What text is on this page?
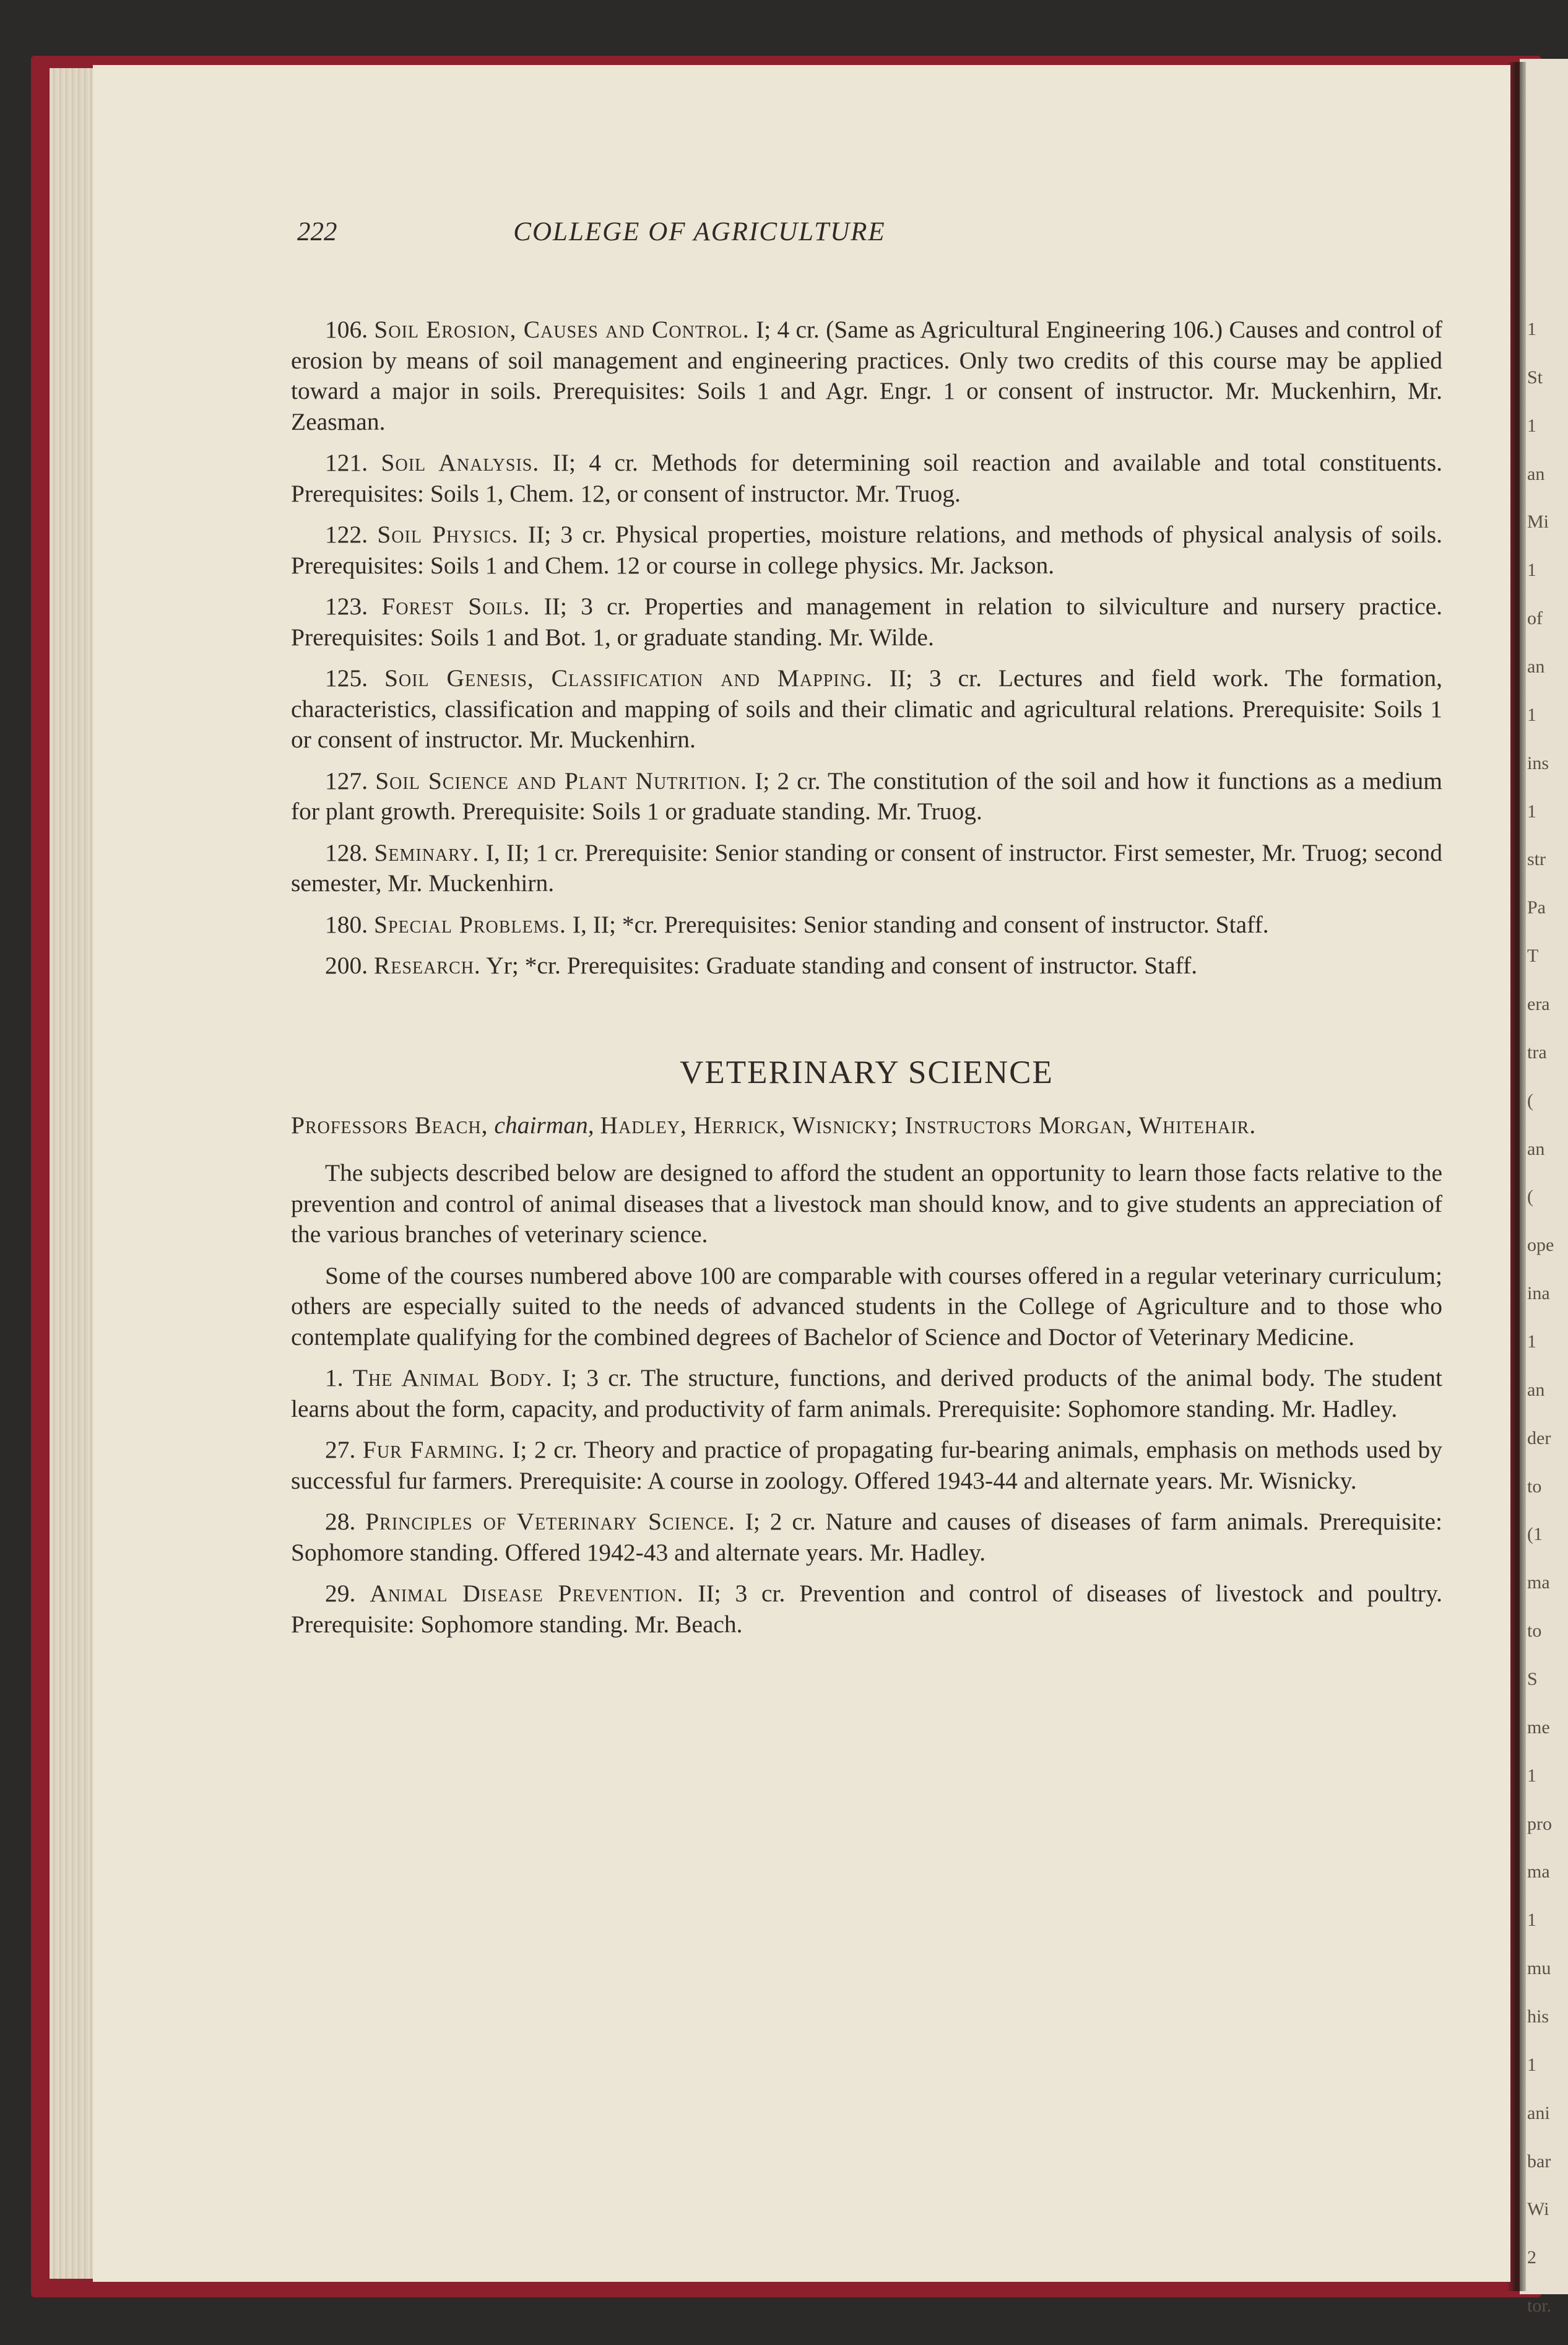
1
St
1
an
Mi
1
of
an
1
ins
1
str
Pa
T
era
tra
(
an
(
ope
ina
1
an
der
to
(1
ma
to
S
me
1
pro
ma
1
mu
his
1
ani
bar
Wi
2
tor.
222	COLLEGE OF AGRICULTURE

106. Soil Erosion, Causes and Control. I; 4 cr. (Same as Agricultural Engineering 106.) Causes and control of erosion by means of soil management and engineering practices. Only two credits of this course may be applied toward a major in soils. Prerequisites: Soils 1 and Agr. Engr. 1 or consent of instructor. Mr. Muckenhirn, Mr. Zeasman.

121. Soil Analysis. II; 4 cr. Methods for determining soil reaction and available and total constituents. Prerequisites: Soils 1, Chem. 12, or consent of instructor. Mr. Truog.

122. Soil Physics. II; 3 cr. Physical properties, moisture relations, and methods of physical analysis of soils. Prerequisites: Soils 1 and Chem. 12 or course in college physics. Mr. Jackson.

123. Forest Soils. II; 3 cr. Properties and management in relation to silviculture and nursery practice. Prerequisites: Soils 1 and Bot. 1, or graduate standing. Mr. Wilde.

125. Soil Genesis, Classification and Mapping. II; 3 cr. Lectures and field work. The formation, characteristics, classification and mapping of soils and their climatic and agricultural relations. Prerequisite: Soils 1 or consent of instructor. Mr. Muckenhirn.

127. Soil Science and Plant Nutrition. I; 2 cr. The constitution of the soil and how it functions as a medium for plant growth. Prerequisite: Soils 1 or graduate standing. Mr. Truog.

128. Seminary. I, II; 1 cr. Prerequisite: Senior standing or consent of instructor. First semester, Mr. Truog; second semester, Mr. Muckenhirn.

180. Special Problems. I, II; *cr. Prerequisites: Senior standing and consent of instructor. Staff.

200. Research. Yr; *cr. Prerequisites: Graduate standing and consent of instructor. Staff.

VETERINARY SCIENCE
Professors Beach, chairman, Hadley, Herrick, Wisnicky; Instructors Morgan, Whitehair.

The subjects described below are designed to afford the student an opportunity to learn those facts relative to the prevention and control of animal diseases that a livestock man should know, and to give students an appreciation of the various branches of veterinary science.

Some of the courses numbered above 100 are comparable with courses offered in a regular veterinary curriculum; others are especially suited to the needs of advanced students in the College of Agriculture and to those who contemplate qualifying for the combined degrees of Bachelor of Science and Doctor of Veterinary Medicine.

1. The Animal Body. I; 3 cr. The structure, functions, and derived products of the animal body. The student learns about the form, capacity, and productivity of farm animals. Prerequisite: Sophomore standing. Mr. Hadley.

27. Fur Farming. I; 2 cr. Theory and practice of propagating fur-bearing animals, emphasis on methods used by successful fur farmers. Prerequisite: A course in zoology. Offered 1943-44 and alternate years. Mr. Wisnicky.

28. Principles of Veterinary Science. I; 2 cr. Nature and causes of diseases of farm animals. Prerequisite: Sophomore standing. Offered 1942-43 and alternate years. Mr. Hadley.

29. Animal Disease Prevention. II; 3 cr. Prevention and control of diseases of livestock and poultry. Prerequisite: Sophomore standing. Mr. Beach.
